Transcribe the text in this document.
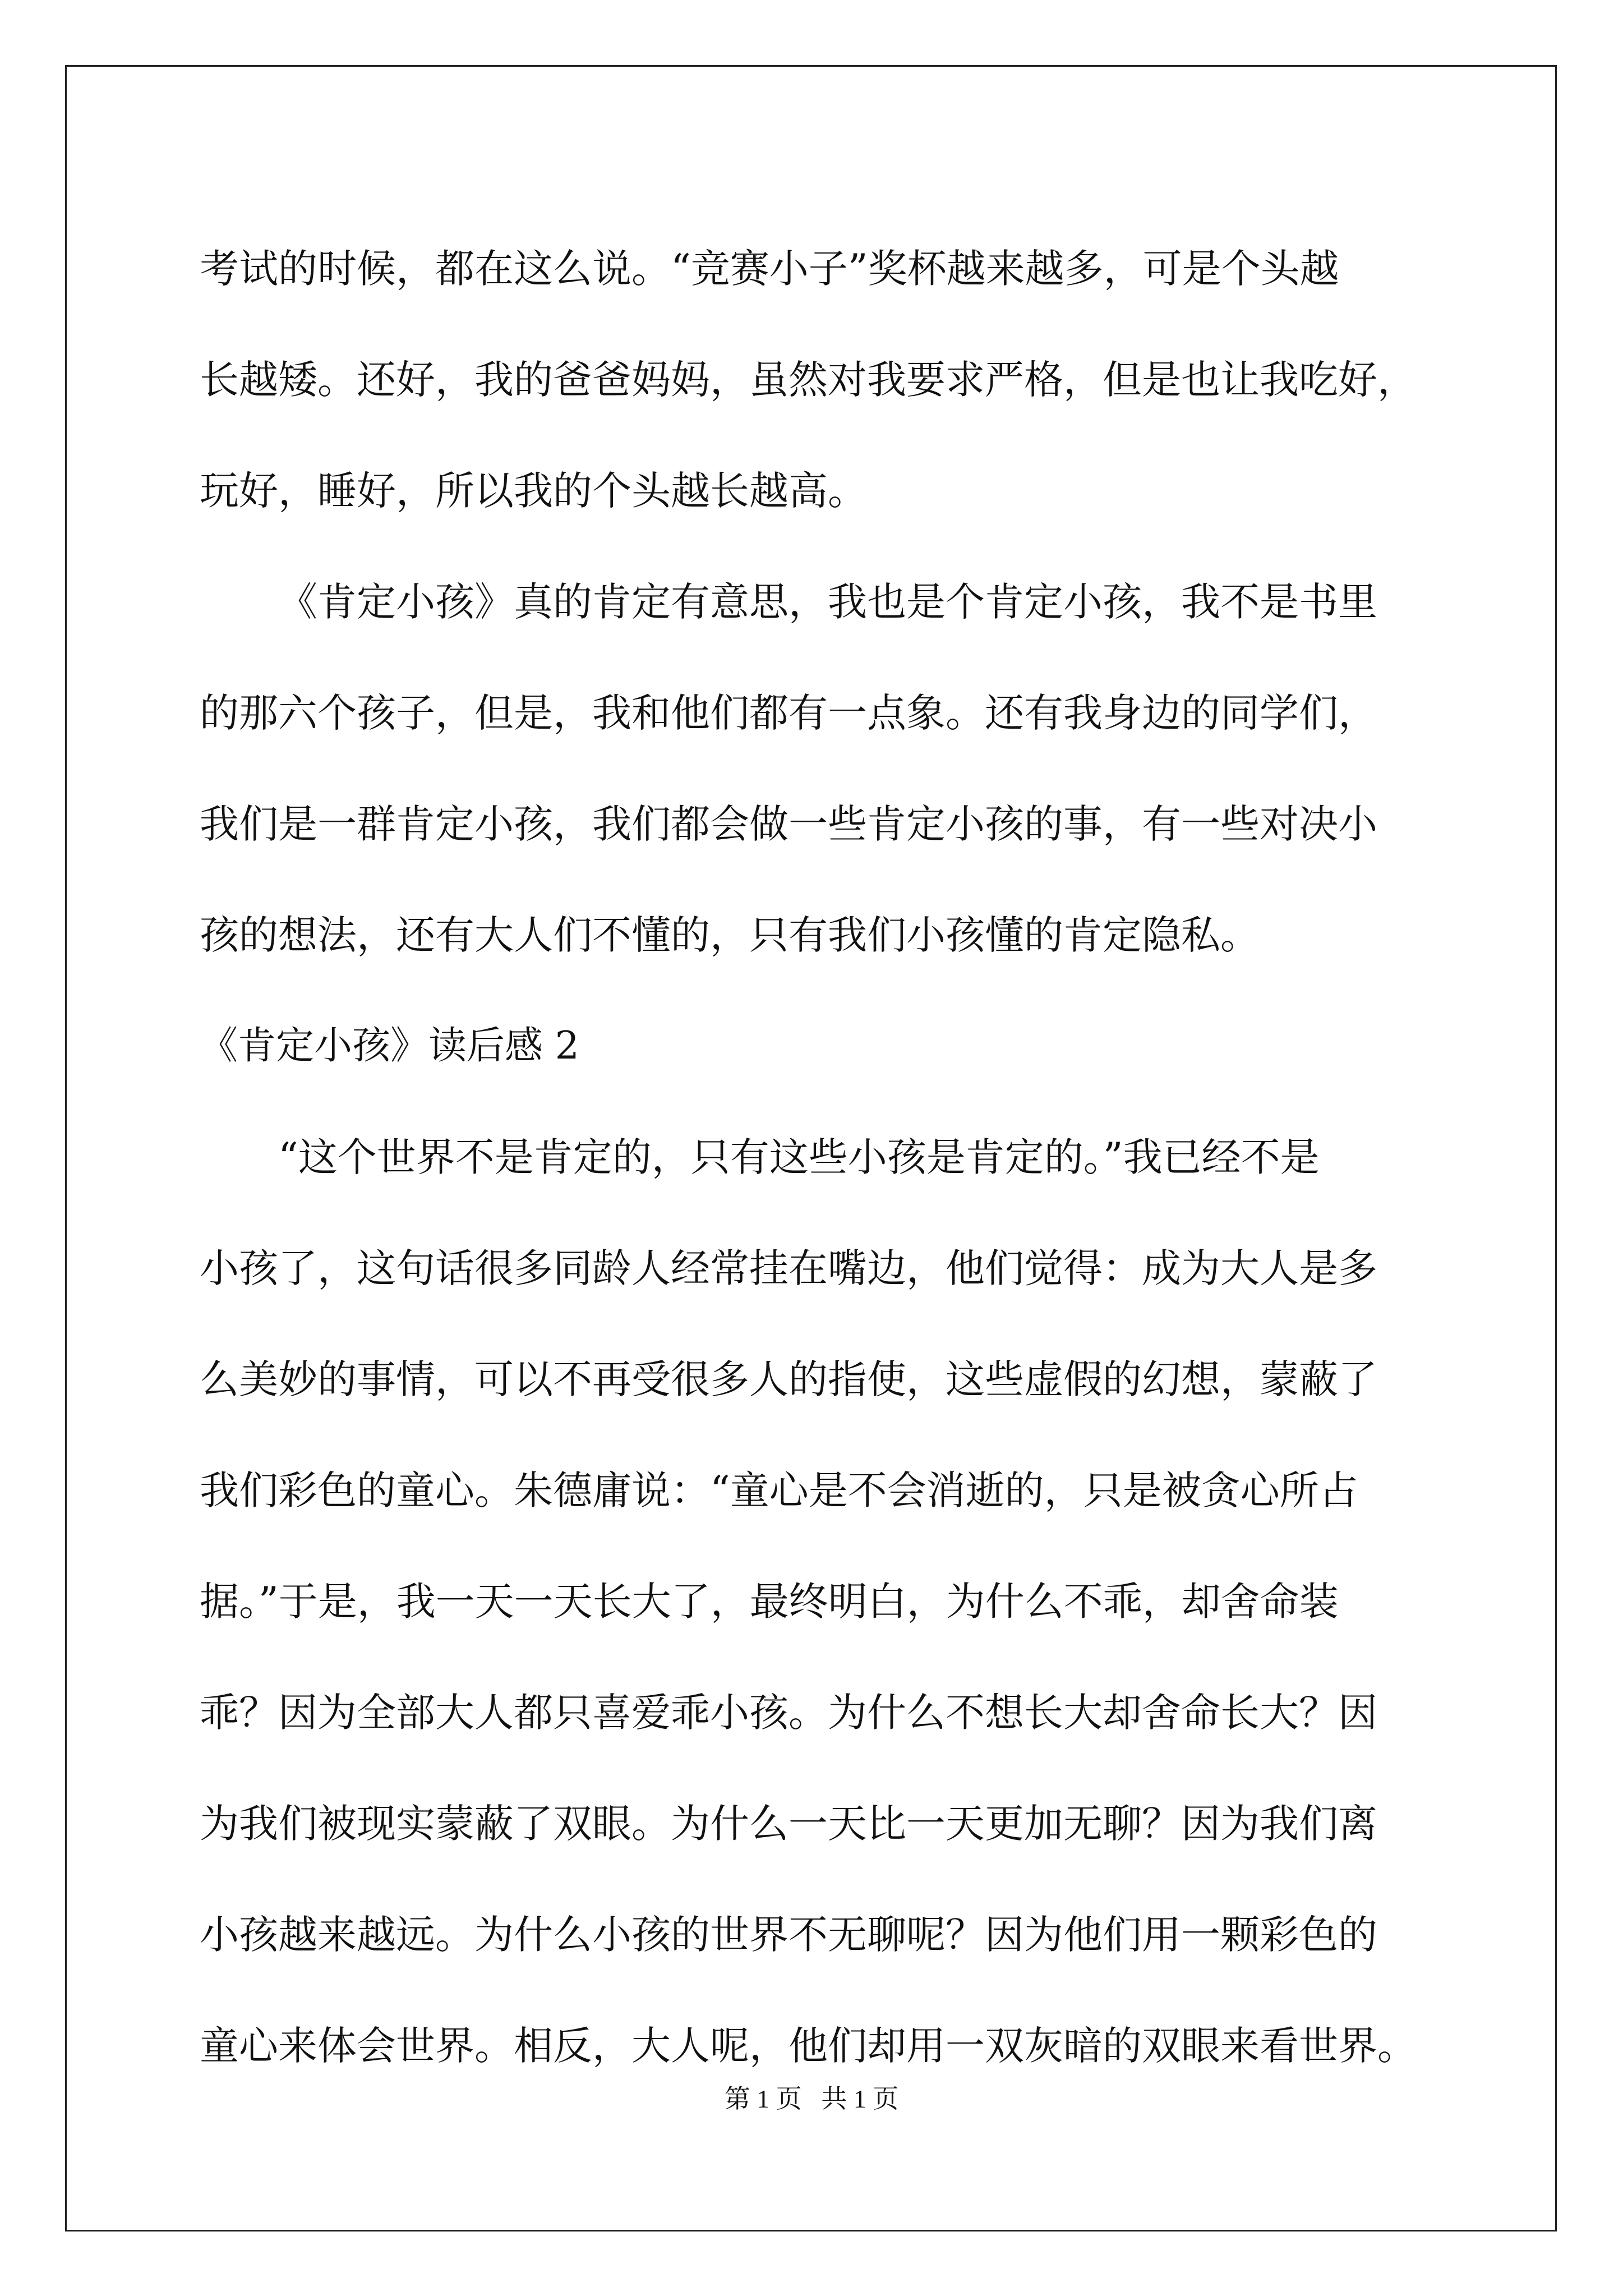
考试的时候，都在这么说。“竞赛小子”奖杯越来越多，可是个头越
长越矮。还好，我的爸爸妈妈，虽然对我要求严格，但是也让我吃好，
玩好，睡好，所以我的个头越长越高。
《肯定小孩》真的肯定有意思，我也是个肯定小孩，我不是书里
的那六个孩子，但是，我和他们都有一点象。还有我身边的同学们，
我们是一群肯定小孩，我们都会做一些肯定小孩的事，有一些对决小
孩的想法，还有大人们不懂的，只有我们小孩懂的肯定隐私。
《肯定小孩》读后感 2
“这个世界不是肯定的，只有这些小孩是肯定的。”我已经不是
小孩了，这句话很多同龄人经常挂在嘴边，他们觉得：成为大人是多
么美妙的事情，可以不再受很多人的指使，这些虚假的幻想，蒙蔽了
我们彩色的童心。朱德庸说：“童心是不会消逝的，只是被贪心所占
据。”于是，我一天一天长大了，最终明白，为什么不乖，却舍命装
乖？因为全部大人都只喜爱乖小孩。为什么不想长大却舍命长大？因
为我们被现实蒙蔽了双眼。为什么一天比一天更加无聊？因为我们离
小孩越来越远。为什么小孩的世界不无聊呢？因为他们用一颗彩色的
童心来体会世界。相反，大人呢，他们却用一双灰暗的双眼来看世界。
第 1 页   共 1 页
